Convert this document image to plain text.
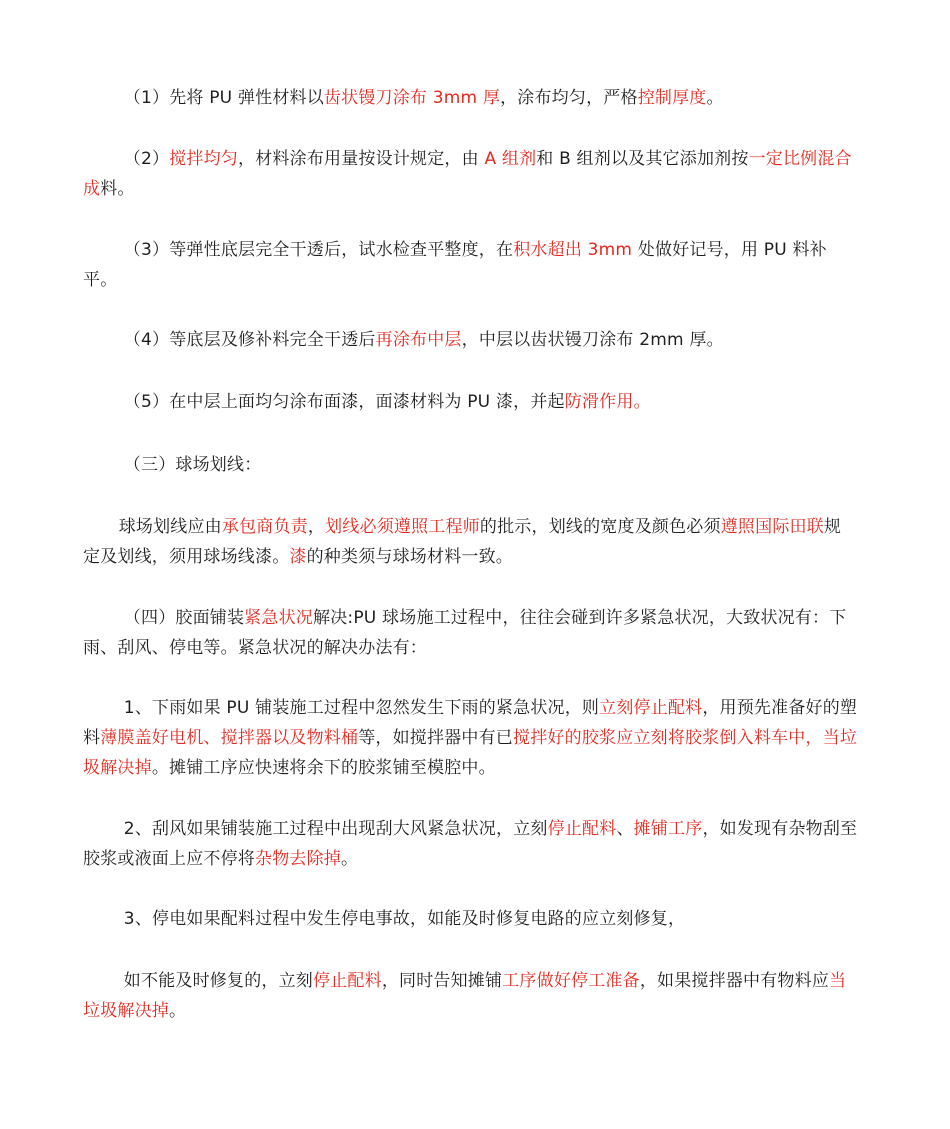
（1）先将 PU 弹性材料以齿状镘刀涂布 3mm 厚，涂布均匀，严格控制厚度。

（2）搅拌均匀，材料涂布用量按设计规定，由 A 组剂和 B 组剂以及其它添加剂按一定比例混合成料。

（3）等弹性底层完全干透后，试水检查平整度，在积水超出 3mm 处做好记号，用 PU 料补平。

（4）等底层及修补料完全干透后再涂布中层，中层以齿状镘刀涂布 2mm 厚。

（5）在中层上面均匀涂布面漆，面漆材料为 PU 漆，并起防滑作用。

（三）球场划线：

球场划线应由承包商负责，划线必须遵照工程师的批示，划线的宽度及颜色必须遵照国际田联规定及划线，须用球场线漆。漆的种类须与球场材料一致。

（四）胶面铺装紧急状况解决:PU 球场施工过程中，往往会碰到许多紧急状况，大致状况有：下雨、刮风、停电等。紧急状况的解决办法有：

1、下雨如果 PU 铺装施工过程中忽然发生下雨的紧急状况，则立刻停止配料，用预先准备好的塑料薄膜盖好电机、搅拌器以及物料桶等，如搅拌器中有已搅拌好的胶浆应立刻将胶浆倒入料车中，当垃圾解决掉。摊铺工序应快速将余下的胶浆铺至模腔中。

2、刮风如果铺装施工过程中出现刮大风紧急状况，立刻停止配料、摊铺工序，如发现有杂物刮至胶浆或液面上应不停将杂物去除掉。

3、停电如果配料过程中发生停电事故，如能及时修复电路的应立刻修复，

如不能及时修复的，立刻停止配料，同时告知摊铺工序做好停工准备，如果搅拌器中有物料应当垃圾解决掉。
